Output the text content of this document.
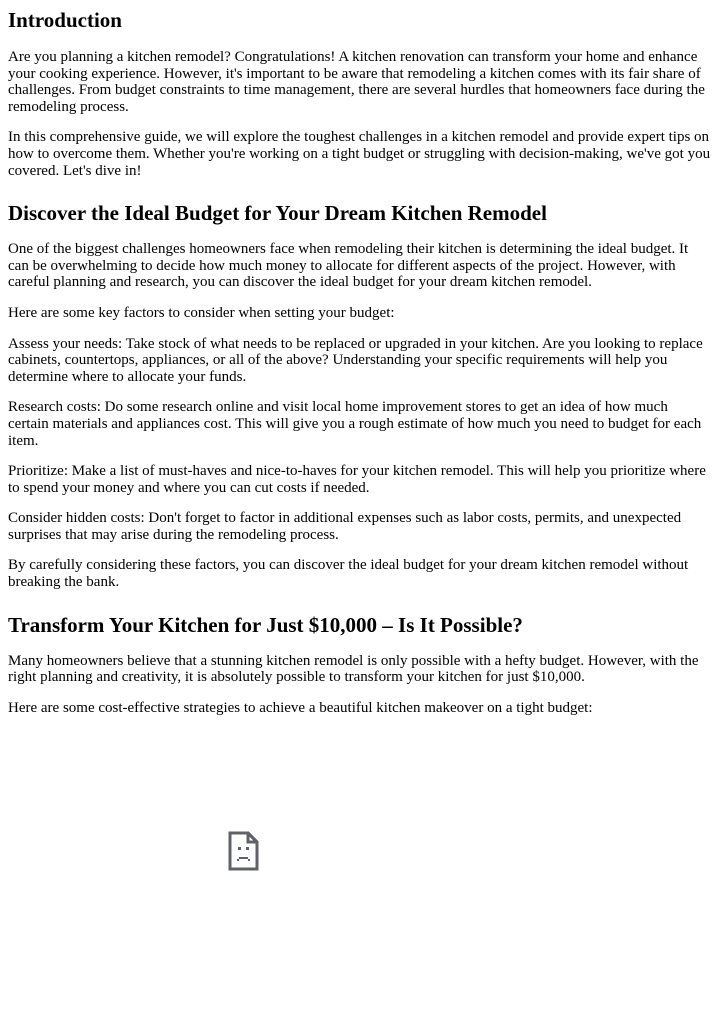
Introduction

Are you planning a kitchen remodel? Congratulations! A kitchen renovation can transform your home and enhance your cooking experience. However, it's important to be aware that remodeling a kitchen comes with its fair share of challenges. From budget constraints to time management, there are several hurdles that homeowners face during the remodeling process.

In this comprehensive guide, we will explore the toughest challenges in a kitchen remodel and provide expert tips on how to overcome them. Whether you're working on a tight budget or struggling with decision-making, we've got you covered. Let's dive in!

Discover the Ideal Budget for Your Dream Kitchen Remodel

One of the biggest challenges homeowners face when remodeling their kitchen is determining the ideal budget. It can be overwhelming to decide how much money to allocate for different aspects of the project. However, with careful planning and research, you can discover the ideal budget for your dream kitchen remodel.

Here are some key factors to consider when setting your budget:

Assess your needs: Take stock of what needs to be replaced or upgraded in your kitchen. Are you looking to replace cabinets, countertops, appliances, or all of the above? Understanding your specific requirements will help you determine where to allocate your funds.

Research costs: Do some research online and visit local home improvement stores to get an idea of how much certain materials and appliances cost. This will give you a rough estimate of how much you need to budget for each item.

Prioritize: Make a list of must-haves and nice-to-haves for your kitchen remodel. This will help you prioritize where to spend your money and where you can cut costs if needed.

Consider hidden costs: Don't forget to factor in additional expenses such as labor costs, permits, and unexpected surprises that may arise during the remodeling process.

By carefully considering these factors, you can discover the ideal budget for your dream kitchen remodel without breaking the bank.

Transform Your Kitchen for Just $10,000 – Is It Possible?

Many homeowners believe that a stunning kitchen remodel is only possible with a hefty budget. However, with the right planning and creativity, it is absolutely possible to transform your kitchen for just $10,000.

Here are some cost-effective strategies to achieve a beautiful kitchen makeover on a tight budget:
